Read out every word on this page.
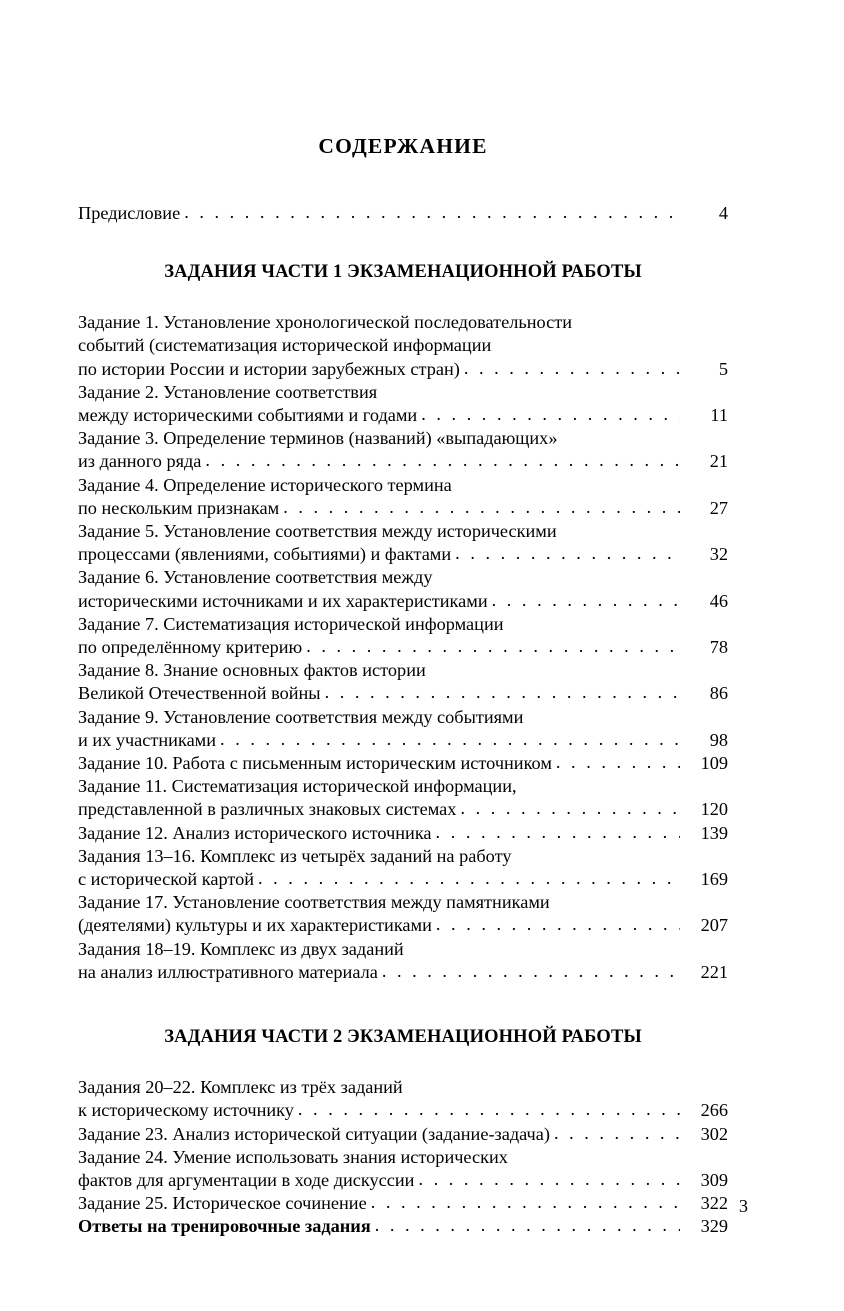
СОДЕРЖАНИЕ
Предисловие . . .	4
ЗАДАНИЯ ЧАСТИ 1 ЭКЗАМЕНАЦИОННОЙ РАБОТЫ
Задание 1. Установление хронологической последовательности
событий (систематизация исторической информации
по истории России и истории зарубежных стран) . . .	5
Задание 2. Установление соответствия
между историческими событиями и годами . . .	11
Задание 3. Определение терминов (названий) «выпадающих»
из данного ряда . . .	21
Задание 4. Определение исторического термина
по нескольким признакам . . .	27
Задание 5. Установление соответствия между историческими
процессами (явлениями, событиями) и фактами . . .	32
Задание 6. Установление соответствия между
историческими источниками и их характеристиками . . .	46
Задание 7. Систематизация исторической информации
по определённому критерию . . .	78
Задание 8. Знание основных фактов истории
Великой Отечественной войны . . .	86
Задание 9. Установление соответствия между событиями
и их участниками . . .	98
Задание 10. Работа с письменным историческим источником . . .	109
Задание 11. Систематизация исторической информации,
представленной в различных знаковых системах . . .	120
Задание 12. Анализ исторического источника . . .	139
Задания 13–16. Комплекс из четырёх заданий на работу
с исторической картой . . .	169
Задание 17. Установление соответствия между памятниками
(деятелями) культуры и их характеристиками . . .	207
Задания 18–19. Комплекс из двух заданий
на анализ иллюстративного материала . . .	221
ЗАДАНИЯ ЧАСТИ 2 ЭКЗАМЕНАЦИОННОЙ РАБОТЫ
Задания 20–22. Комплекс из трёх заданий
к историческому источнику . . .	266
Задание 23. Анализ исторической ситуации (задание-задача) . . .	302
Задание 24. Умение использовать знания исторических
фактов для аргументации в ходе дискуссии . . .	309
Задание 25. Историческое сочинение . . .	322
Ответы на тренировочные задания . . .	329
3
